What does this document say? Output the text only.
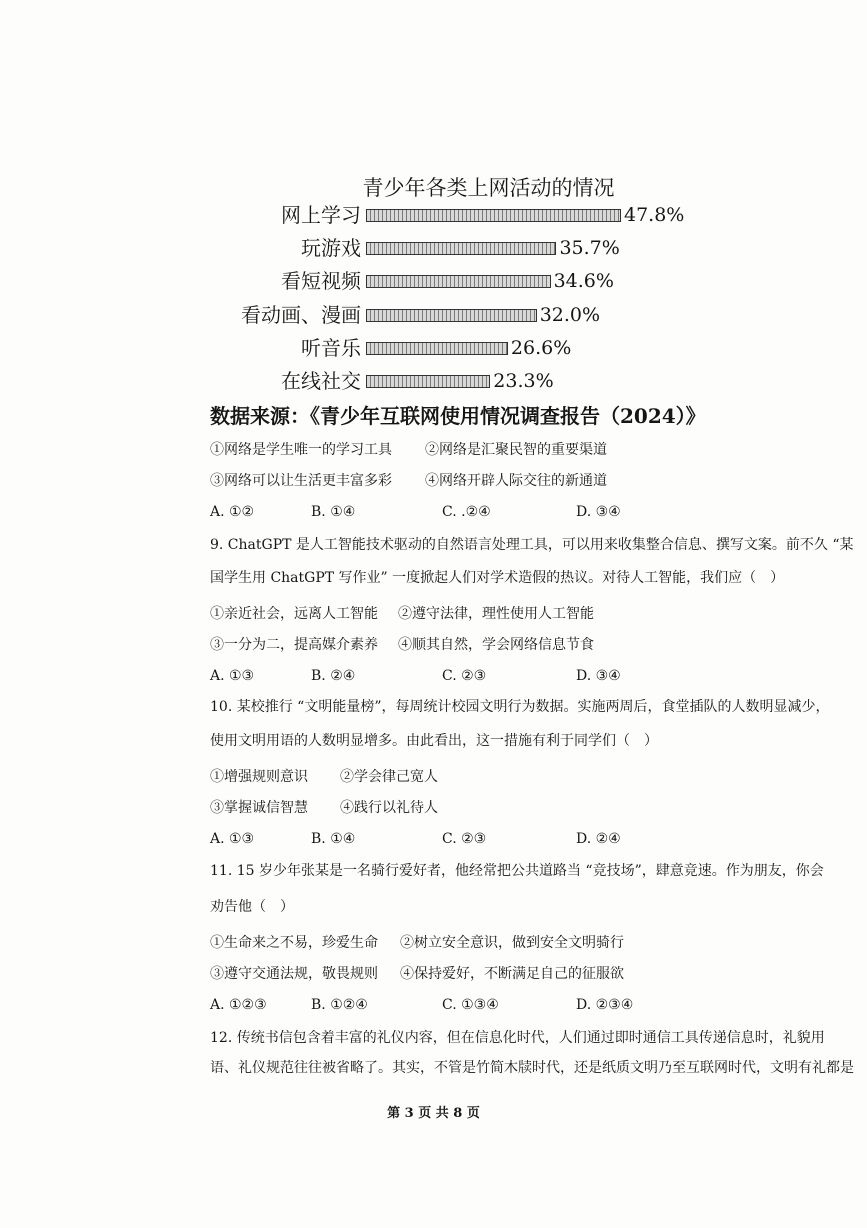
青少年各类上网活动的情况
网上学习	47.8%
玩游戏	35.7%
看短视频	34.6%
看动画、漫画	32.0%
听音乐	26.6%
在线社交	23.3%
数据来源：《青少年互联网使用情况调查报告（2024）》
①网络是学生唯一的学习工具 ②网络是汇聚民智的重要渠道
③网络可以让生活更丰富多彩 ④网络开辟人际交往的新通道
A. ①②	B. ①④	C. .②④	D. ③④
9. ChatGPT 是人工智能技术驱动的自然语言处理工具，可以用来收集整合信息、撰写文案。前不久 “某
国学生用 ChatGPT 写作业” 一度掀起人们对学术造假的热议。对待人工智能，我们应（　）
①亲近社会，远离人工智能 ②遵守法律，理性使用人工智能
③一分为二，提高媒介素养 ④顺其自然，学会网络信息节食
A. ①③	B. ②④	C. ②③	D. ③④
10. 某校推行 “文明能量榜”，每周统计校园文明行为数据。实施两周后，食堂插队的人数明显减少，
使用文明用语的人数明显增多。由此看出，这一措施有利于同学们（　）
①增强规则意识 ②学会律己宽人
③掌握诚信智慧 ④践行以礼待人
A. ①③	B. ①④	C. ②③	D. ②④
11. 15 岁少年张某是一名骑行爱好者，他经常把公共道路当 “竞技场”，肆意竞速。作为朋友，你会
劝告他（　）
①生命来之不易，珍爱生命 ②树立安全意识，做到安全文明骑行
③遵守交通法规，敬畏规则 ④保持爱好，不断满足自己的征服欲
A. ①②③	B. ①②④	C. ①③④	D. ②③④
12. 传统书信包含着丰富的礼仪内容，但在信息化时代，人们通过即时通信工具传递信息时，礼貌用
语、礼仪规范往往被省略了。其实，不管是竹简木牍时代，还是纸质文明乃至互联网时代，文明有礼都是
第 3 页 共 8 页
